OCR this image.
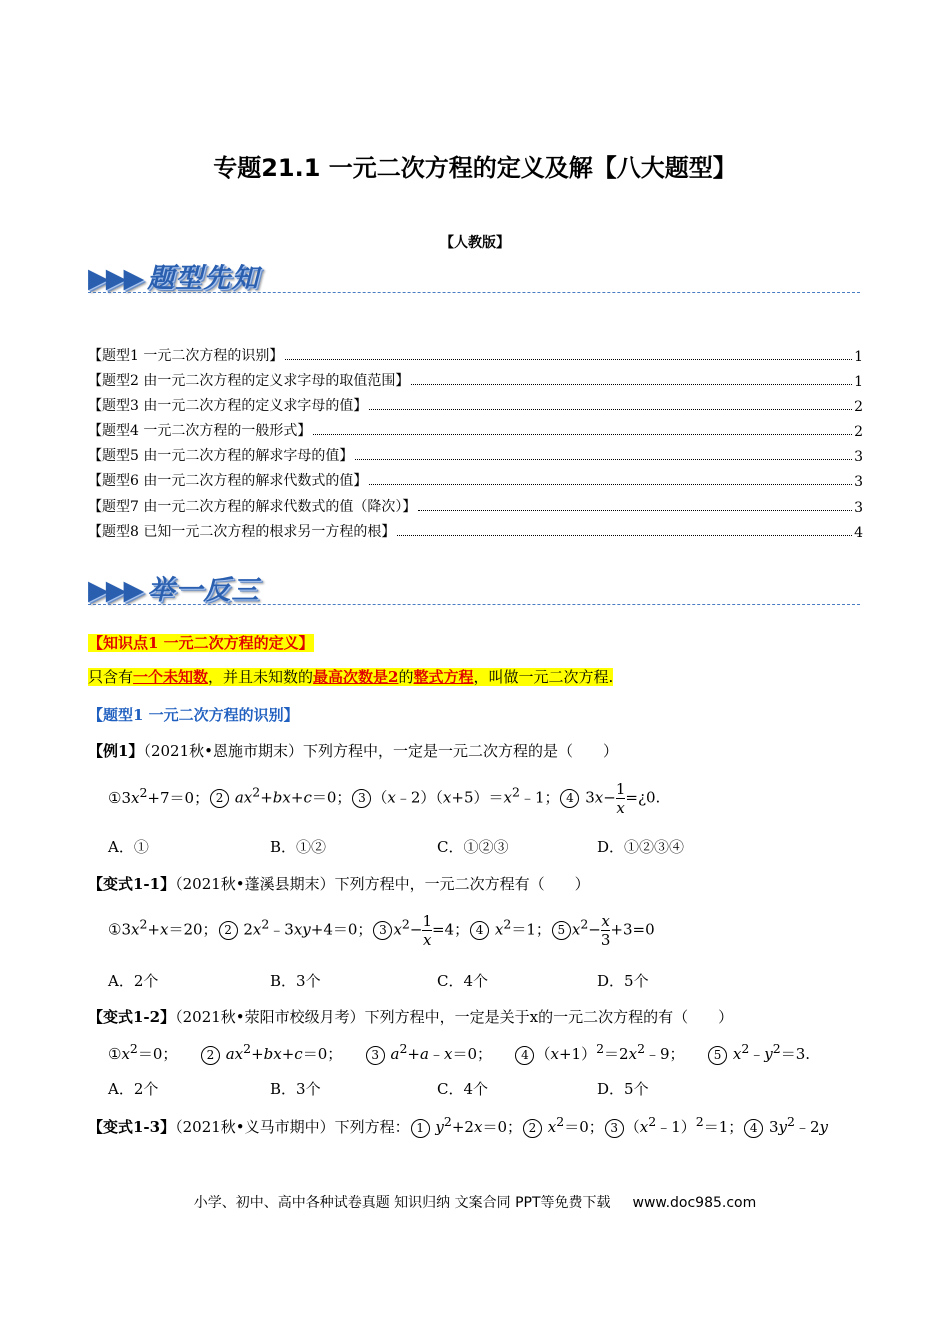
专题21.1 一元二次方程的定义及解【八大题型】
【人教版】
▶▶▶ 题型先知
【题型1 一元二次方程的识别】	1
【题型2 由一元二次方程的定义求字母的取值范围】	1
【题型3 由一元二次方程的定义求字母的值】	2
【题型4 一元二次方程的一般形式】	2
【题型5 由一元二次方程的解求字母的值】	3
【题型6 由一元二次方程的解求代数式的值】	3
【题型7 由一元二次方程的解求代数式的值（降次）】	3
【题型8 已知一元二次方程的根求另一方程的根】	4
▶▶▶ 举一反三
【知识点1 一元二次方程的定义】
只含有一个未知数，并且未知数的最高次数是2的整式方程，叫做一元二次方程.
【题型1 一元二次方程的识别】
【例1】（2021秋•恩施市期末）下列方程中，一定是一元二次方程的是（　　）
$①3x^2+7=0$； 2 $ax^2+bx+c=0$； 3 $(x﹣2)(x+5)=x^2﹣1$； 4 $3x- \frac{1}{x}$ =¿0.
A．①	B．①②	C．①②③	D．①②③④
【变式1-1】（2021秋•蓬溪县期末）下列方程中，一元二次方程有（　　）
$①3x^2+x=20$； 2 $2x^2﹣3xy+4=0$； 3 $x^2- \frac{1}{x} =4$； 4 $x^2=1$； 5 $x^2- \frac{x}{3} +3=0$
A．2个	B．3个	C．4个	D．5个
【变式1-2】（2021秋•荥阳市校级月考）下列方程中，一定是关于x的一元二次方程的有（　　）
$①x^2=0$；　　2 $ax^2+bx+c=0$；　　3 $a^2+a﹣x=0$；　　4 $(x+1)^2=2x^2﹣9$；　　5 $x^2﹣y^2=3$.
A．2个	B．3个	C．4个	D．5个
【变式1-3】（2021秋•义马市期中）下列方程： 1 $y^2+2x=0$； 2 $x^2=0$； 3 $(x^2﹣1)^2=1$； 4 $3y^2﹣2y$
小学、初中、高中各种试卷真题 知识归纳 文案合同 PPT等免费下载 www.doc985.com
